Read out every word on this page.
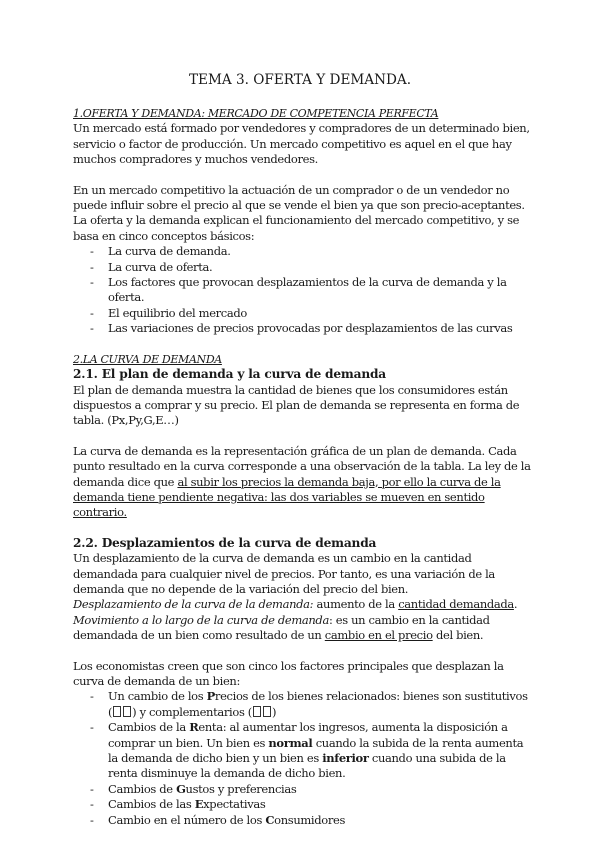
TEMA 3. OFERTA Y DEMANDA.

1.OFERTA Y DEMANDA: MERCADO DE COMPETENCIA PERFECTA

Un mercado está formado por vendedores y compradores de un determinado bien, servicio o factor de producción. Un mercado competitivo es aquel en el que hay muchos compradores y muchos vendedores.

En un mercado competitivo la actuación de un comprador o de un vendedor no puede influir sobre el precio al que se vende el bien ya que son precio-aceptantes.

La oferta y la demanda explican el funcionamiento del mercado competitivo, y se basa en cinco conceptos básicos:

- La curva de demanda.
- La curva de oferta.
- Los factores que provocan desplazamientos de la curva de demanda y la oferta.
- El equilibrio del mercado
- Las variaciones de precios provocadas por desplazamientos de las curvas

2.LA CURVA DE DEMANDA

2.1. El plan de demanda y la curva de demanda

El plan de demanda muestra la cantidad de bienes que los consumidores están dispuestos a comprar y su precio. El plan de demanda se representa en forma de tabla. (Px,Py,G,E…)

La curva de demanda es la representación gráfica de un plan de demanda. Cada punto resultado en la curva corresponde a una observación de la tabla. La ley de la demanda dice que al subir los precios la demanda baja, por ello la curva de la demanda tiene pendiente negativa: las dos variables se mueven en sentido contrario.

2.2. Desplazamientos de la curva de demanda

Un desplazamiento de la curva de demanda es un cambio en la cantidad demandada para cualquier nivel de precios. Por tanto, es una variación de la demanda que no depende de la variación del precio del bien.

Desplazamiento de la curva de la demanda: aumento de la cantidad demandada.

Movimiento a lo largo de la curva de demanda: es un cambio en la cantidad demandada de un bien como resultado de un cambio en el precio del bien.

Los economistas creen que son cinco los factores principales que desplazan la curva de demanda de un bien:

- Un cambio de los Precios de los bienes relacionados: bienes son sustitutivos ( ) y complementarios ( )
- Cambios de la Renta: al aumentar los ingresos, aumenta la disposición a comprar un bien. Un bien es normal cuando la subida de la renta aumenta la demanda de dicho bien y un bien es inferior cuando una subida de la renta disminuye la demanda de dicho bien.
- Cambios de Gustos y preferencias
- Cambios de las Expectativas
- Cambio en el número de los Consumidores
